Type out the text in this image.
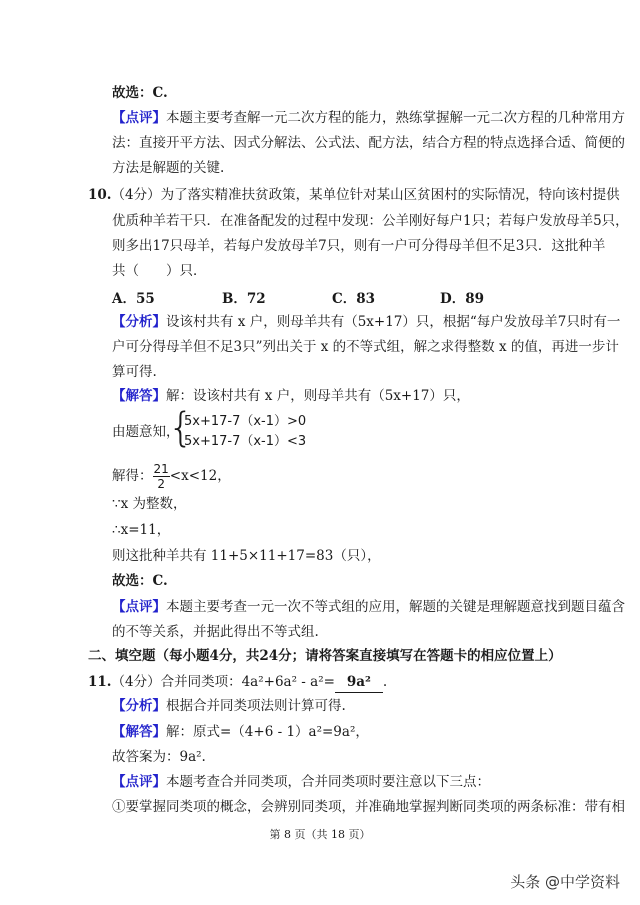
故选：C.
【点评】本题主要考查解一元二次方程的能力，熟练掌握解一元二次方程的几种常用方
法：直接开平方法、因式分解法、公式法、配方法，结合方程的特点选择合适、简便的
方法是解题的关键.
10.（4分）为了落实精准扶贫政策，某单位针对某山区贫困村的实际情况，特向该村提供
优质种羊若干只．在准备配发的过程中发现：公羊刚好每户1只；若每户发放母羊5只，
则多出17只母羊，若每户发放母羊7只，则有一户可分得母羊但不足3只．这批种羊
共（　　）只．
A．55	B．72	C．83	D．89
【分析】设该村共有 x 户，则母羊共有（5x+17）只，根据“每户发放母羊7只时有一
户可分得母羊但不足3只”列出关于 x 的不等式组，解之求得整数 x 的值，再进一步计
算可得.
【解答】解：设该村共有 x 户，则母羊共有（5x+17）只，
由题意知，
{
5x+17-7（x-1）>0
5x+17-7（x-1）<3
解得： $\frac{21}{2} <x<12$，
∵x 为整数，
∴x=11，
则这批种羊共有 11+5×11+17=83（只），
故选：C.
【点评】本题主要考查一元一次不等式组的应用，解题的关键是理解题意找到题目蕴含
的不等关系，并据此得出不等式组.
二、填空题（每小题4分，共24分；请将答案直接填写在答题卡的相应位置上）
11.（4分）合并同类项：4a²+6a² - a²= 9a² .
【分析】根据合并同类项法则计算可得.
【解答】解：原式=（4+6 - 1）a²=9a²，
故答案为：9a².
【点评】本题考查合并同类项，合并同类项时要注意以下三点：
①要掌握同类项的概念，会辨别同类项，并准确地掌握判断同类项的两条标准：带有相
第 8 页（共 18 页）
头条 @中学资料
